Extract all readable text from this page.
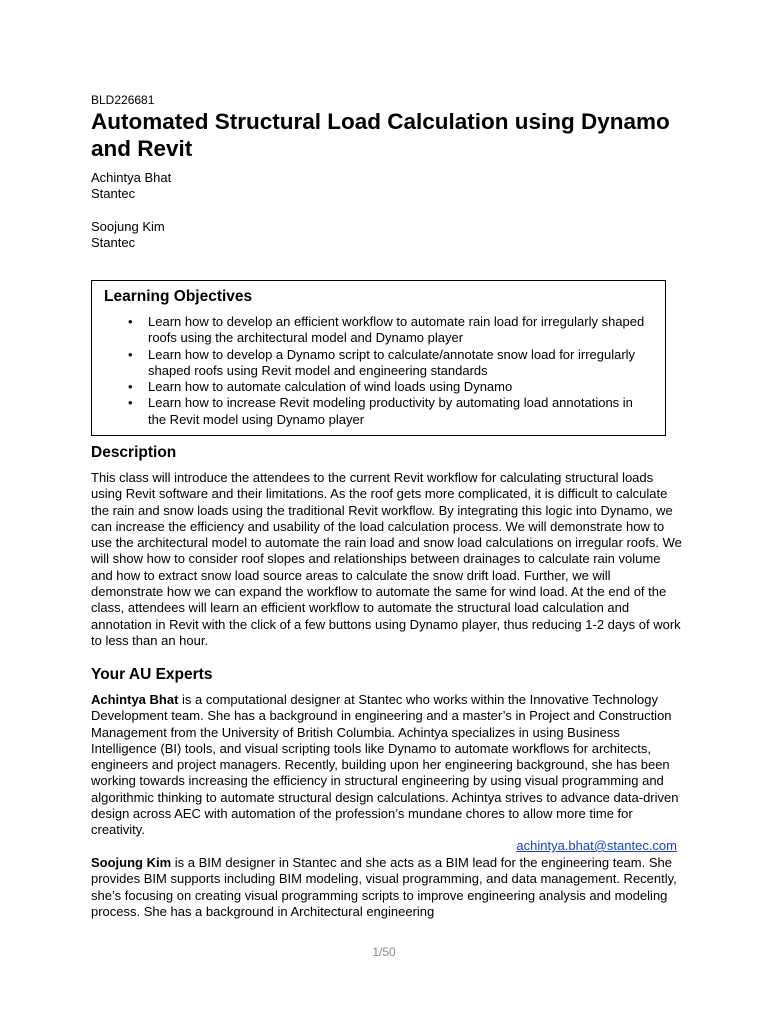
BLD226681
Automated Structural Load Calculation using Dynamo and Revit
Achintya Bhat
Stantec
Soojung Kim
Stantec
Learning Objectives
• Learn how to develop an efficient workflow to automate rain load for irregularly shaped roofs using the architectural model and Dynamo player
• Learn how to develop a Dynamo script to calculate/annotate snow load for irregularly shaped roofs using Revit model and engineering standards
• Learn how to automate calculation of wind loads using Dynamo
• Learn how to increase Revit modeling productivity by automating load annotations in the Revit model using Dynamo player
Description

This class will introduce the attendees to the current Revit workflow for calculating structural loads using Revit software and their limitations. As the roof gets more complicated, it is difficult to calculate the rain and snow loads using the traditional Revit workflow. By integrating this logic into Dynamo, we can increase the efficiency and usability of the load calculation process. We will demonstrate how to use the architectural model to automate the rain load and snow load calculations on irregular roofs. We will show how to consider roof slopes and relationships between drainages to calculate rain volume and how to extract snow load source areas to calculate the snow drift load. Further, we will demonstrate how we can expand the workflow to automate the same for wind load. At the end of the class, attendees will learn an efficient workflow to automate the structural load calculation and annotation in Revit with the click of a few buttons using Dynamo player, thus reducing 1-2 days of work to less than an hour.

Your AU Experts

Achintya Bhat is a computational designer at Stantec who works within the Innovative Technology Development team. She has a background in engineering and a master’s in Project and Construction Management from the University of British Columbia. Achintya specializes in using Business Intelligence (BI) tools, and visual scripting tools like Dynamo to automate workflows for architects, engineers and project managers. Recently, building upon her engineering background, she has been working towards increasing the efficiency in structural engineering by using visual programming and algorithmic thinking to automate structural design calculations. Achintya strives to advance data-driven design across AEC with automation of the profession’s mundane chores to allow more time for creativity.

achintya.bhat@stantec.com

Soojung Kim is a BIM designer in Stantec and she acts as a BIM lead for the engineering team. She provides BIM supports including BIM modeling, visual programming, and data management. Recently, she’s focusing on creating visual programming scripts to improve engineering analysis and modeling process. She has a background in Architectural engineering

1/50
